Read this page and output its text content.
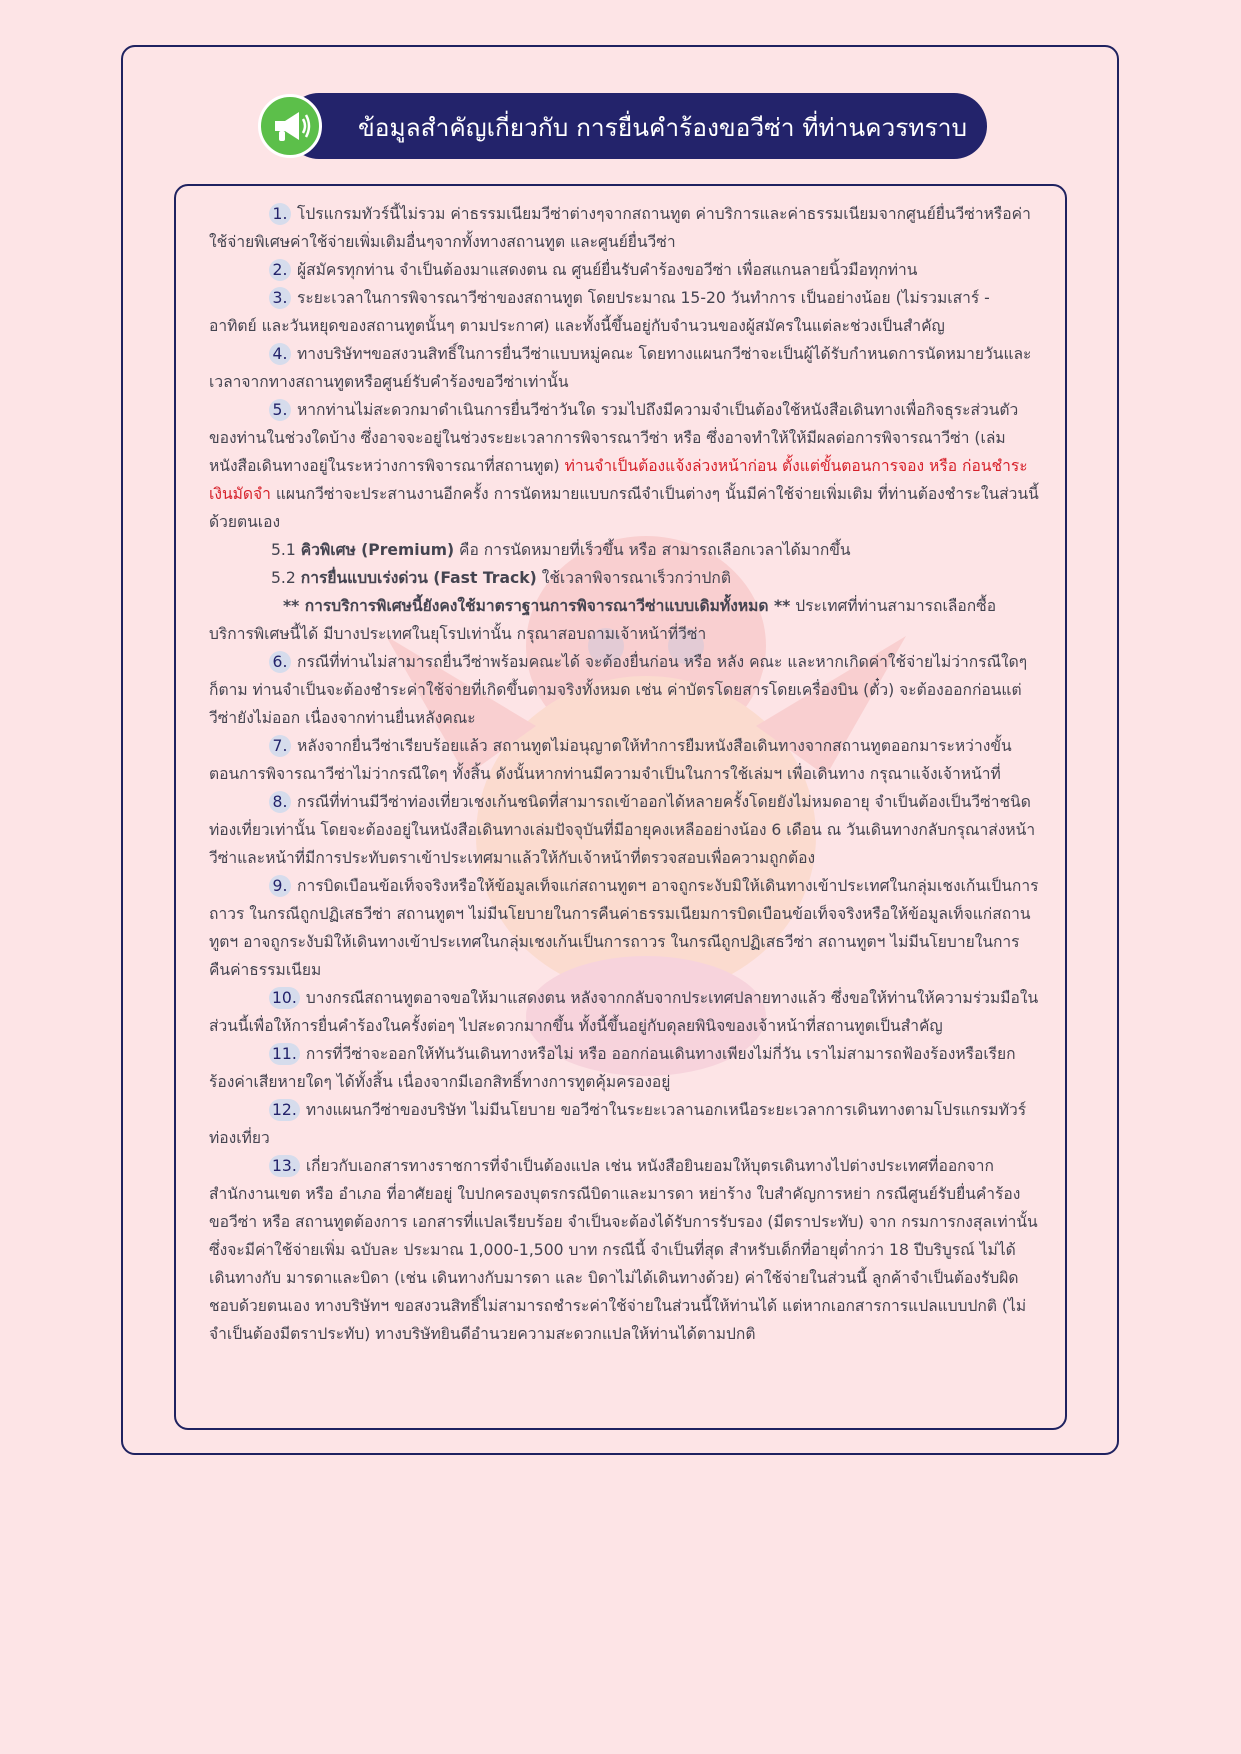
ข้อมูลสำคัญเกี่ยวกับ การยื่นคำร้องขอวีซ่า ที่ท่านควรทราบ

1. โปรแกรมทัวร์นี้ไม่รวม ค่าธรรมเนียมวีซ่าต่างๆจากสถานทูต ค่าบริการและค่าธรรมเนียมจากศูนย์ยื่นวีซ่าหรือค่าใช้จ่ายพิเศษค่าใช้จ่ายเพิ่มเติมอื่นๆจากทั้งทางสถานทูต และศูนย์ยื่นวีซ่า

2. ผู้สมัครทุกท่าน จำเป็นต้องมาแสดงตน ณ ศูนย์ยื่นรับคำร้องขอวีซ่า เพื่อสแกนลายนิ้วมือทุกท่าน

3. ระยะเวลาในการพิจารณาวีซ่าของสถานทูต โดยประมาณ 15-20 วันทำการ เป็นอย่างน้อย (ไม่รวมเสาร์ - อาทิตย์ และวันหยุดของสถานทูตนั้นๆ ตามประกาศ) และทั้งนี้ขึ้นอยู่กับจำนวนของผู้สมัครในแต่ละช่วงเป็นสำคัญ

4. ทางบริษัทฯขอสงวนสิทธิ์ในการยื่นวีซ่าแบบหมู่คณะ โดยทางแผนกวีซ่าจะเป็นผู้ได้รับกำหนดการนัดหมายวันและเวลาจากทางสถานทูตหรือศูนย์รับคำร้องขอวีซ่าเท่านั้น

5. หากท่านไม่สะดวกมาดำเนินการยื่นวีซ่าวันใด รวมไปถึงมีความจำเป็นต้องใช้หนังสือเดินทางเพื่อกิจธุระส่วนตัวของท่านในช่วงใดบ้าง ซึ่งอาจจะอยู่ในช่วงระยะเวลาการพิจารณาวีซ่า หรือ ซึ่งอาจทำให้ให้มีผลต่อการพิจารณาวีซ่า (เล่มหนังสือเดินทางอยู่ในระหว่างการพิจารณาที่สถานทูต) ท่านจำเป็นต้องแจ้งล่วงหน้าก่อน ตั้งแต่ขั้นตอนการจอง หรือ ก่อนชำระเงินมัดจำ แผนกวีซ่าจะประสานงานอีกครั้ง การนัดหมายแบบกรณีจำเป็นต่างๆ นั้นมีค่าใช้จ่ายเพิ่มเติม ที่ท่านต้องชำระในส่วนนี้ด้วยตนเอง

5.1 คิวพิเศษ (Premium) คือ การนัดหมายที่เร็วขึ้น หรือ สามารถเลือกเวลาได้มากขึ้น

5.2 การยื่นแบบเร่งด่วน (Fast Track) ใช้เวลาพิจารณาเร็วกว่าปกติ

** การบริการพิเศษนี้ยังคงใช้มาตราฐานการพิจารณาวีซ่าแบบเดิมทั้งหมด ** ประเทศที่ท่านสามารถเลือกซื้อบริการพิเศษนี้ได้ มีบางประเทศในยุโรปเท่านั้น กรุณาสอบถามเจ้าหน้าที่วีซ่า

6. กรณีที่ท่านไม่สามารถยื่นวีซ่าพร้อมคณะได้ จะต้องยื่นก่อน หรือ หลัง คณะ และหากเกิดค่าใช้จ่ายไม่ว่ากรณีใดๆ ก็ตาม ท่านจำเป็นจะต้องชำระค่าใช้จ่ายที่เกิดขึ้นตามจริงทั้งหมด เช่น ค่าบัตรโดยสารโดยเครื่องบิน (ตั๋ว) จะต้องออกก่อนแต่วีซ่ายังไม่ออก เนื่องจากท่านยื่นหลังคณะ

7. หลังจากยื่นวีซ่าเรียบร้อยแล้ว สถานทูตไม่อนุญาตให้ทำการยืมหนังสือเดินทางจากสถานทูตออกมาระหว่างขั้นตอนการพิจารณาวีซ่าไม่ว่ากรณีใดๆ ทั้งสิ้น ดังนั้นหากท่านมีความจำเป็นในการใช้เล่มฯ เพื่อเดินทาง กรุณาแจ้งเจ้าหน้าที่

8. กรณีที่ท่านมีวีซ่าท่องเที่ยวเชงเก้นชนิดที่สามารถเข้าออกได้หลายครั้งโดยยังไม่หมดอายุ จำเป็นต้องเป็นวีซ่าชนิดท่องเที่ยวเท่านั้น โดยจะต้องอยู่ในหนังสือเดินทางเล่มปัจจุบันที่มีอายุคงเหลืออย่างน้อง 6 เดือน ณ วันเดินทางกลับกรุณาส่งหน้าวีซ่าและหน้าที่มีการประทับตราเข้าประเทศมาแล้วให้กับเจ้าหน้าที่ตรวจสอบเพื่อความถูกต้อง

9. การบิดเบือนข้อเท็จจริงหรือให้ข้อมูลเท็จแก่สถานทูตฯ อาจถูกระงับมิให้เดินทางเข้าประเทศในกลุ่มเชงเก้นเป็นการถาวร ในกรณีถูกปฏิเสธวีซ่า สถานทูตฯ ไม่มีนโยบายในการคืนค่าธรรมเนียมการบิดเบือนข้อเท็จจริงหรือให้ข้อมูลเท็จแก่สถานทูตฯ อาจถูกระงับมิให้เดินทางเข้าประเทศในกลุ่มเชงเก้นเป็นการถาวร ในกรณีถูกปฏิเสธวีซ่า สถานทูตฯ ไม่มีนโยบายในการคืนค่าธรรมเนียม

10. บางกรณีสถานทูตอาจขอให้มาแสดงตน หลังจากกลับจากประเทศปลายทางแล้ว ซึ่งขอให้ท่านให้ความร่วมมือในส่วนนี้เพื่อให้การยื่นคำร้องในครั้งต่อๆ ไปสะดวกมากขึ้น ทั้งนี้ขึ้นอยู่กับดุลยพินิจของเจ้าหน้าที่สถานทูตเป็นสำคัญ

11. การที่วีซ่าจะออกให้ทันวันเดินทางหรือไม่ หรือ ออกก่อนเดินทางเพียงไม่กี่วัน เราไม่สามารถฟ้องร้องหรือเรียกร้องค่าเสียหายใดๆ ได้ทั้งสิ้น เนื่องจากมีเอกสิทธิ์ทางการทูตคุ้มครองอยู่

12. ทางแผนกวีซ่าของบริษัท ไม่มีนโยบาย ขอวีซ่าในระยะเวลานอกเหนือระยะเวลาการเดินทางตามโปรแกรมทัวร์ ท่องเที่ยว

13. เกี่ยวกับเอกสารทางราชการที่จำเป็นต้องแปล เช่น หนังสือยินยอมให้บุตรเดินทางไปต่างประเทศที่ออกจากสำนักงานเขต หรือ อำเภอ ที่อาศัยอยู่ ใบปกครองบุตรกรณีบิดาและมารดา หย่าร้าง ใบสำคัญการหย่า กรณีศูนย์รับยื่นคำร้องขอวีซ่า หรือ สถานทูตต้องการ เอกสารที่แปลเรียบร้อย จำเป็นจะต้องได้รับการรับรอง (มีตราประทับ) จาก กรมการกงสุลเท่านั้น ซึ่งจะมีค่าใช้จ่ายเพิ่ม ฉบับละ ประมาณ 1,000-1,500 บาท กรณีนี้ จำเป็นที่สุด สำหรับเด็กที่อายุต่ำกว่า 18 ปีบริบูรณ์ ไม่ได้เดินทางกับ มารดาและบิดา (เช่น เดินทางกับมารดา และ บิดาไม่ได้เดินทางด้วย) ค่าใช้จ่ายในส่วนนี้ ลูกค้าจำเป็นต้องรับผิดชอบด้วยตนเอง ทางบริษัทฯ ขอสงวนสิทธิ์ไม่สามารถชำระค่าใช้จ่ายในส่วนนี้ให้ท่านได้ แต่หากเอกสารการแปลแบบปกติ (ไม่จำเป็นต้องมีตราประทับ) ทางบริษัทยินดีอำนวยความสะดวกแปลให้ท่านได้ตามปกติ
